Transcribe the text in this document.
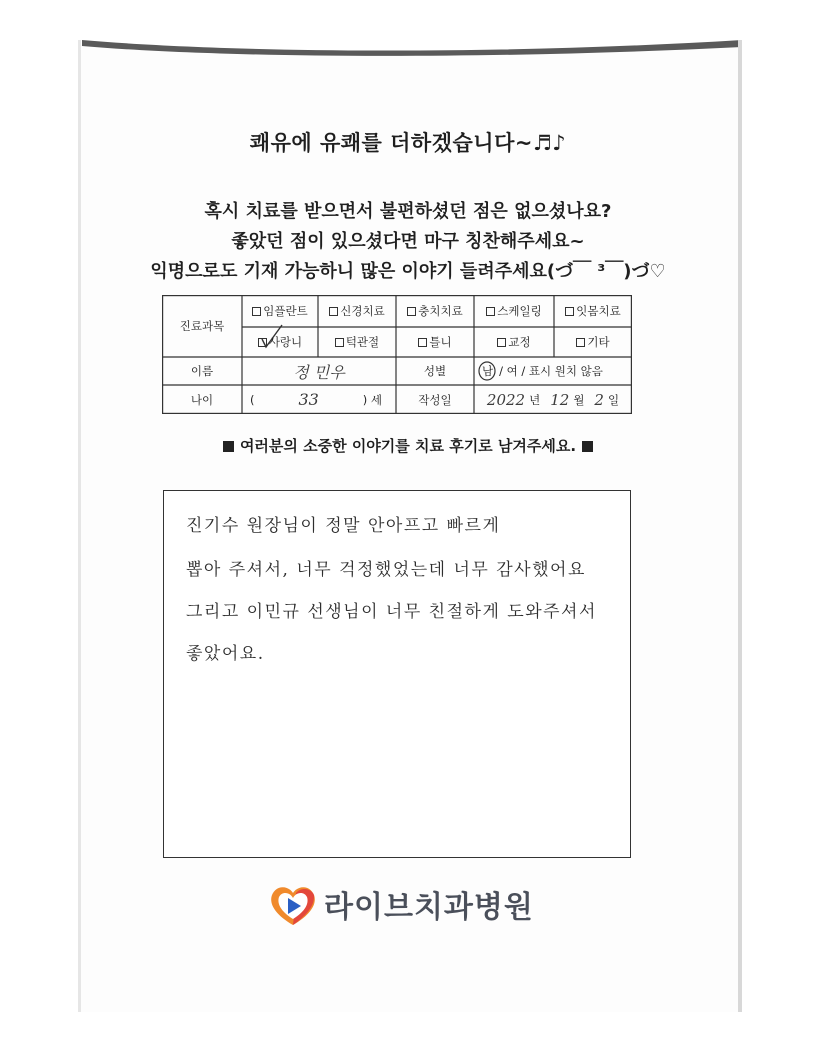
쾌유에 유쾌를 더하겠습니다~♬♪
혹시 치료를 받으면서 불편하셨던 점은 없으셨나요?
좋았던 점이 있으셨다면 마구 칭찬해주세요~
익명으로도 기재 가능하니 많은 이야기 들려주세요(づ￣ ³￣)づ♡
진료과목
임플란트	신경치료	충치치료	스케일링	잇몸치료
사랑니	턱관절	틀니	교정	기타
이름	정 민우	성별	남 / 여 / 표시 원치 않음
나이	(	33	) 세	작성일	2022 년 12 월 2 일
여러분의 소중한 이야기를 치료 후기로 남겨주세요.
진기수 원장님이 정말 안아프고 빠르게
뽑아 주셔서, 너무 걱정했었는데 너무 감사했어요
그리고 이민규 선생님이 너무 친절하게 도와주셔서
좋았어요.
라이브치과병원
